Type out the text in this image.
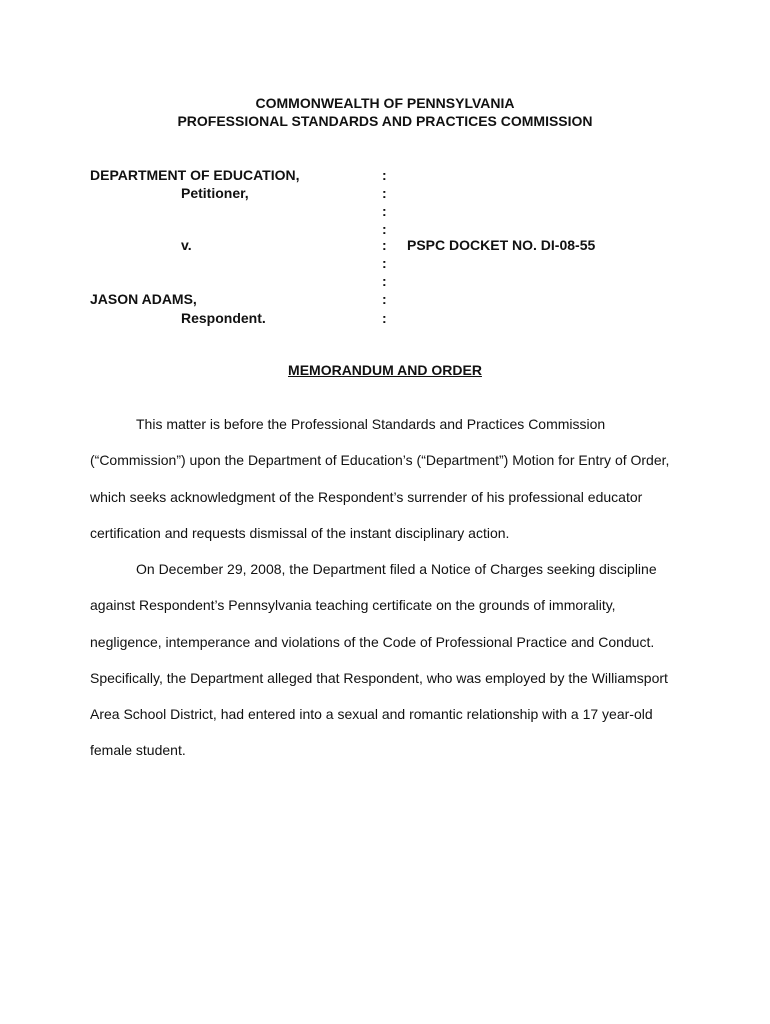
COMMONWEALTH OF PENNSYLVANIA
PROFESSIONAL STANDARDS AND PRACTICES COMMISSION
DEPARTMENT OF EDUCATION,
Petitioner,
v.
JASON ADAMS,
Respondent.
PSPC DOCKET NO. DI-08-55
:
:
:
:
:
:
:
:
:
MEMORANDUM AND ORDER

This matter is before the Professional Standards and Practices Commission (“Commission”) upon the Department of Education’s (“Department”) Motion for Entry of Order, which seeks acknowledgment of the Respondent’s surrender of his professional educator certification and requests dismissal of the instant disciplinary action.

On December 29, 2008, the Department filed a Notice of Charges seeking discipline against Respondent’s Pennsylvania teaching certificate on the grounds of immorality, negligence, intemperance and violations of the Code of Professional Practice and Conduct. Specifically, the Department alleged that Respondent, who was employed by the Williamsport Area School District, had entered into a sexual and romantic relationship with a 17 year-old female student.
